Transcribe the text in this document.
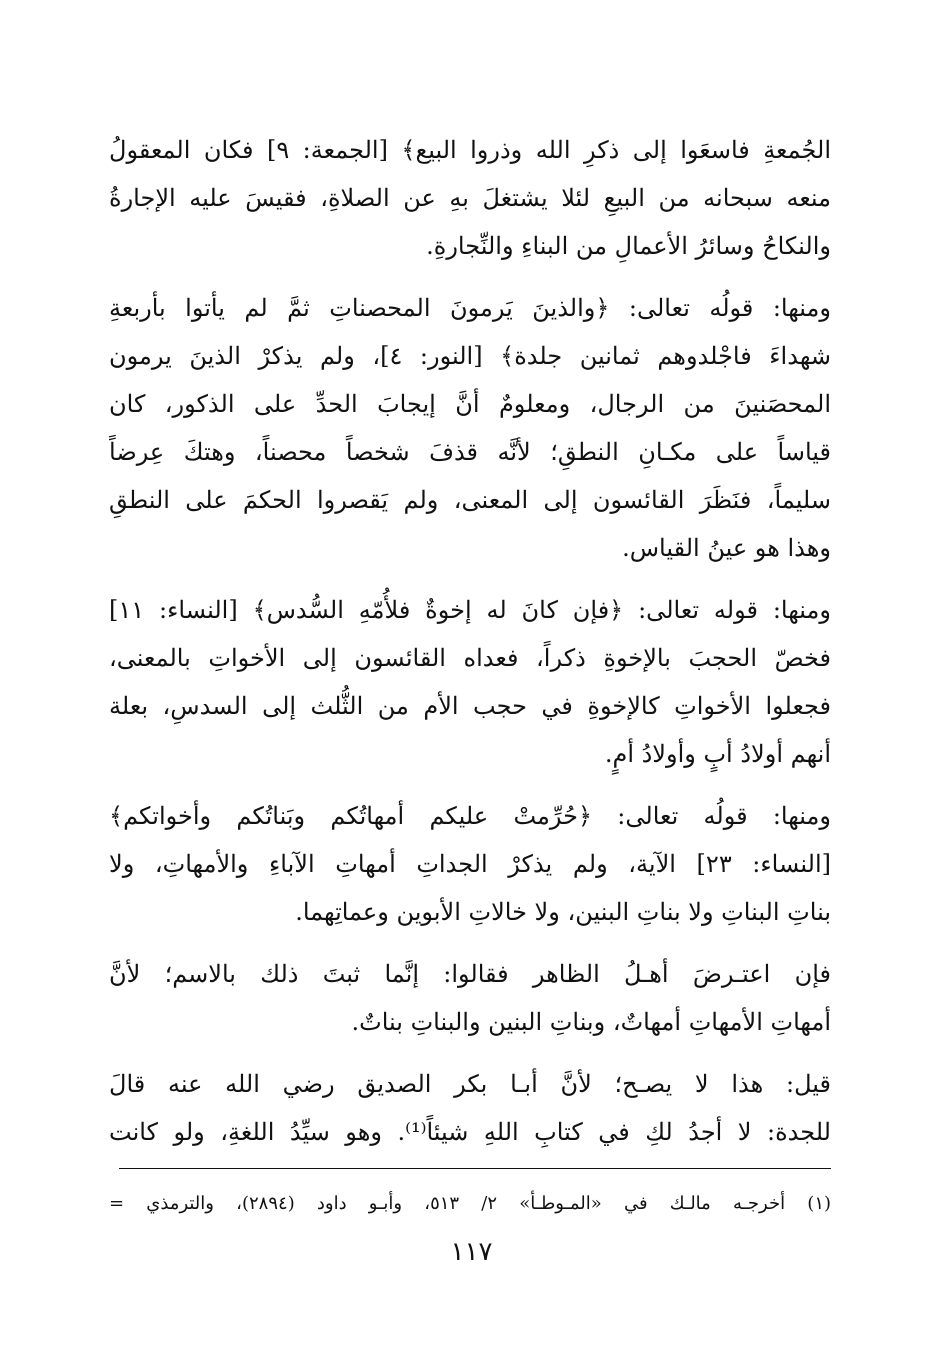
الجُمعةِ فاسعَوا إلى ذكرِ الله وذروا البيع﴾ [الجمعة: ٩] فكان المعقولُ
منعه سبحانه من البيعِ لئلا يشتغلَ بهِ عن الصلاةِ، فقيسَ عليه الإجارةُ
والنكاحُ وسائرُ الأعمالِ من البناءِ والنِّجارةِ.

ومنها: قولُه تعالى: ﴿والذينَ يَرمونَ المحصناتِ ثمَّ لم يأتوا بأربعةِ
شهداءَ فاجْلدوهم ثمانين جلدة﴾ [النور: ٤]، ولم يذكرْ الذينَ يرمون
المحصَنينَ من الرجال، ومعلومٌ أنَّ إيجابَ الحدِّ على الذكور، كان
قياساً على مكـانِ النطقِ؛ لأنَّه قذفَ شخصاً محصناً، وهتكَ عِرضاً
سليماً، فنَظَرَ القائسون إلى المعنى، ولم يَقصروا الحكمَ على النطقِ
وهذا هو عينُ القياس.

ومنها: قوله تعالى: ﴿فإن كانَ له إخوةٌ فلأُمّهِ السُّدس﴾ [النساء: ١١]
فخصّ الحجبَ بالإخوةِ ذكراً، فعداه القائسون إلى الأخواتِ بالمعنى،
فجعلوا الأخواتِ كالإخوةِ في حجب الأم من الثُّلث إلى السدسِ، بعلة
أنهم أولادُ أبٍ وأولادُ أمٍ.

ومنها: قولُه تعالى: ﴿حُرِّمتْ عليكم أمهاتُكم وبَناتُكم وأخواتكم﴾
[النساء: ٢٣] الآية، ولم يذكرْ الجداتِ أمهاتِ الآباءِ والأمهاتِ، ولا
بناتِ البناتِ ولا بناتِ البنين، ولا خالاتِ الأبوين وعماتِهما.

فإن اعتـرضَ أهـلُ الظاهر فقالوا: إنَّما ثبتَ ذلك بالاسم؛ لأنَّ
أمهاتِ الأمهاتِ أمهاتٌ، وبناتِ البنين والبناتِ بناتٌ.

قيل: هذا لا يصـح؛ لأنَّ أبـا بكر الصديق رضي الله عنه قالَ
للجدة: لا أجدُ لكِ في كتابِ اللهِ شيئاً⁽¹⁾. وهو سيِّدُ اللغةِ، ولو كانت

(١) أخرجـه مالـك في «المـوطـأ» ٢/ ٥١٣، وأبـو داود (٢٨٩٤)، والترمذي =
١١٧
